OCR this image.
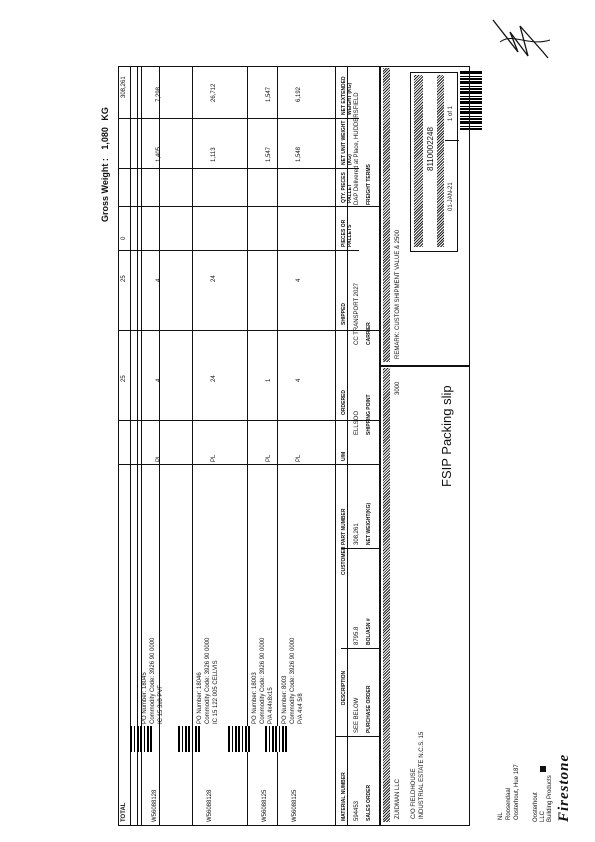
FSIP Packing slip
Firestone
Building Products
LLC
Oosterhout
Oosterhout, Hue 187
Roosendaal
NL
8110002248
01-JAN-21
1 of 1
ZUIDMAN LLC
3000
C/O FIELDHOUSE INDUSTRIAL ESTATE N.C.S. 15
REMARK: CUSTOM SHIPMENT VALUE & 2500
SALES ORDER
PURCHASE ORDER
BOL/ASN #
NET WEIGHT(KG)
SHIPPING POINT
CARRIER
FREIGHT TERMS
594453
SEE BELOW
8795.8
308,261
ELLSOO
CC TRANSPORT 2027
DAP Delivered at Place, HUDDERSFIELD
MATERIAL NUMBER
DESCRIPTION
CUSTOMER PART NUMBER
U/M
ORDERED
SHIPPED
PIECES OR PALLETS
QTY. PIECES PALLET
NET UNIT WEIGHT (KG)
NET EXTENDED WEIGHT (KG)
W56088125
P/A 4x4 5/8
Commodity Code: 3926 90 0000
PO Number: 8003
PL
4
4
1,548
6,192
W56088125
P/A 4x4x8x15
Commodity Code: 3926 90 0000
PO Number: 18003
PL
1
1,547
1,547
W56088128
IC 15 122 005 CELLVIS
Commodity Code: 3926 90 0000
PO Number: 18046
PL
24
24
1,113
26,712
W56088128
IC 15 3x8 PVF
Commodity Code: 3926 90 0000
PO Number: 18045
PL
4
4
1,405
7,298
TOTAL
25
25
0
308,261
Gross Weight : 1,080 KG
